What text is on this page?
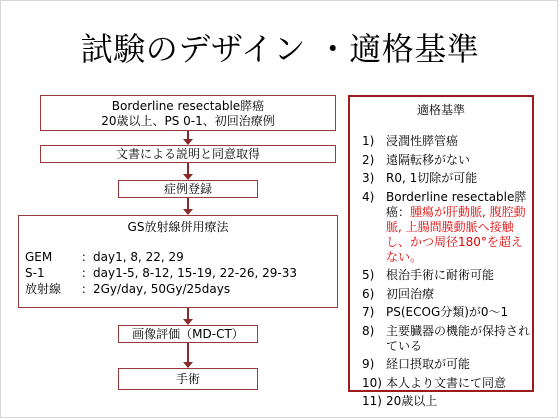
試験のデザイン ・適格基準
Borderline resectable膵癌
20歳以上、PS 0-1、初回治療例
文書による説明と同意取得
症例登録
GS放射線併用療法
GEM ：day1, 8, 22, 29
S-1	：day1-5, 8-12, 15-19, 22-26, 29-33
放射線 ：2Gy/day, 50Gy/25days
画像評価（MD-CT）
手術
適格基準
1) 浸潤性膵管癌
2) 遠隔転移がない
3) R0, 1切除が可能
4) Borderline resectable膵癌：腫瘍が肝動脈, 腹腔動脈, 上腸間膜動脈へ接触し、かつ周径180°を超えない。
5) 根治手術に耐術可能
6) 初回治療
7) PS(ECOG分類)が0～1
8) 主要臓器の機能が保持されている
9) 経口摂取が可能
10) 本人より文書にて同意
11) 20歳以上
